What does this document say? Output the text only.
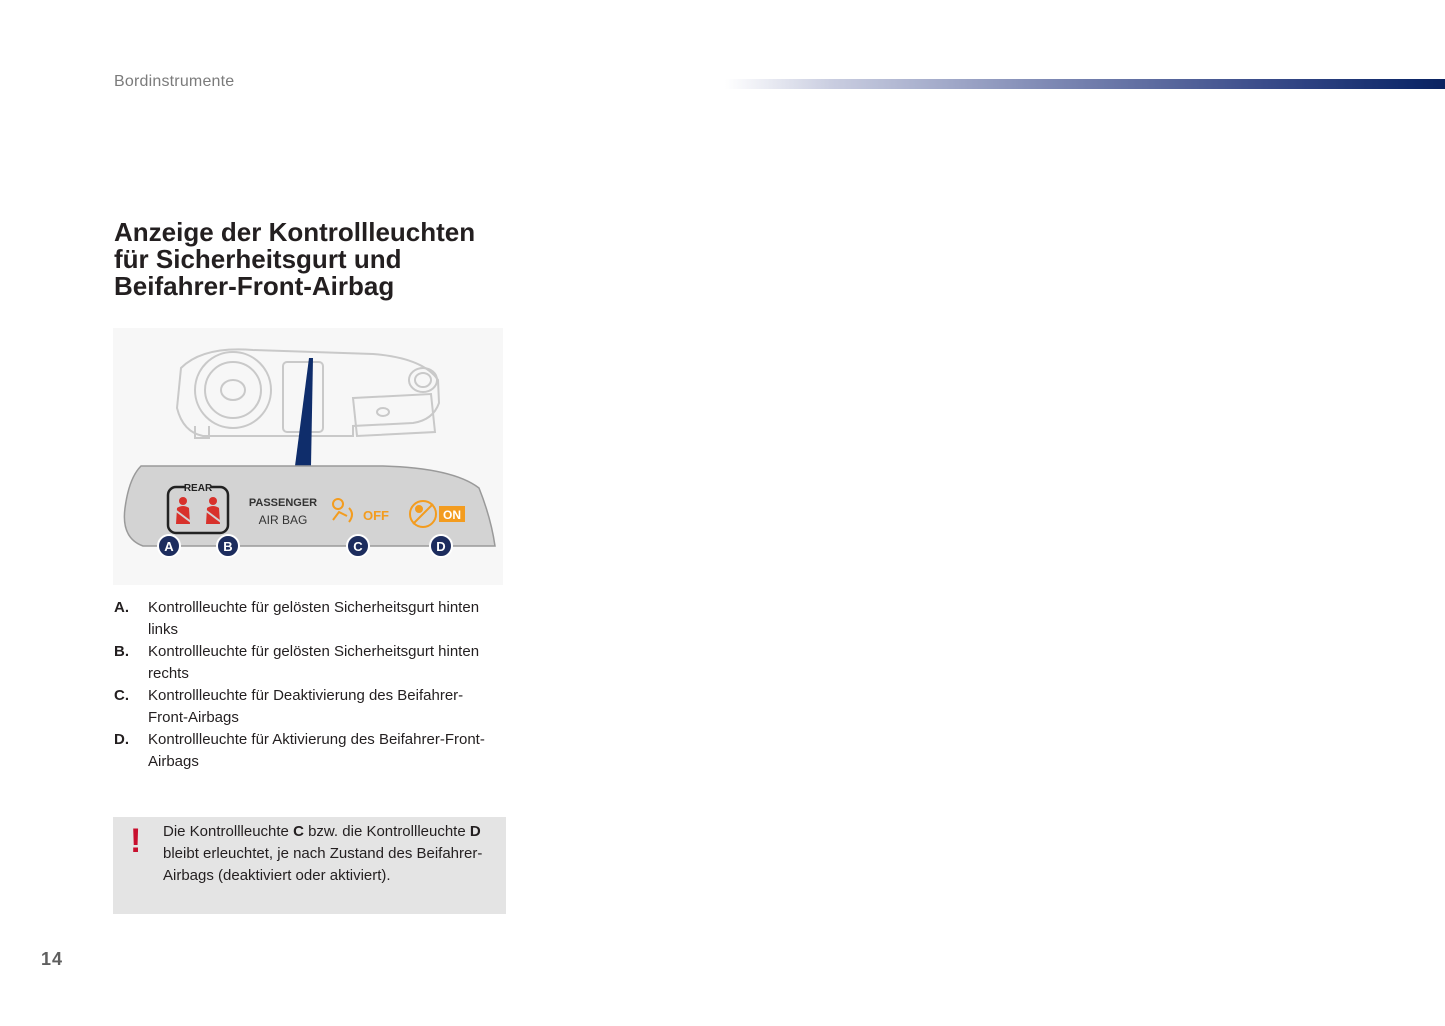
Bordinstrumente
Anzeige der Kontrollleuchten
für Sicherheitsgurt und
Beifahrer-Front-Airbag
REAR
PASSENGER
AIR BAG	OFF	ON
A	B	C	D

A. Kontrollleuchte für gelösten Sicherheitsgurt hinten links

B. Kontrollleuchte für gelösten Sicherheitsgurt hinten rechts

C. Kontrollleuchte für Deaktivierung des Beifahrer-Front-Airbags

D. Kontrollleuchte für Aktivierung des Beifahrer-Front-Airbags

! Die Kontrollleuchte C bzw. die Kontrollleuchte D bleibt erleuchtet, je nach Zustand des Beifahrer-Airbags (deaktiviert oder aktiviert).
14
